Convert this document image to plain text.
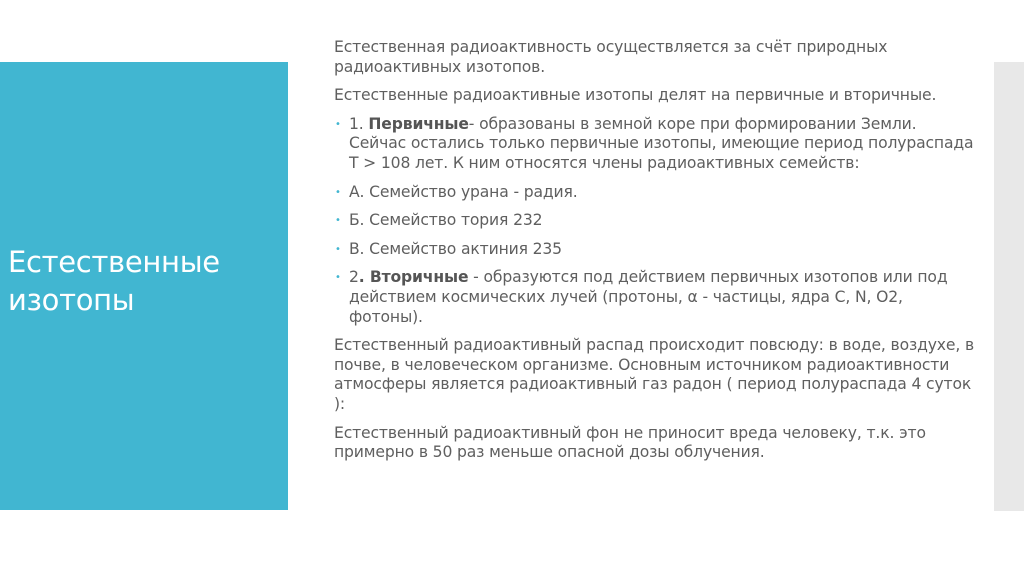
Естественные
изотопы

Естественная радиоактивность осуществляется за счёт природных радиоактивных изотопов.

Естественные радиоактивные изотопы делят на первичные и вторичные.

• 1. Первичные- образованы в земной коре при формировании Земли. Сейчас остались только первичные изотопы, имеющие период полураспада Т > 108 лет. К ним относятся члены радиоактивных семейств:
• А. Семейство урана - радия.
• Б. Семейство тория 232
• В. Семейство актиния 235
• 2. Вторичные - образуются под действием первичных изотопов или под действием космических лучей (протоны, α - частицы, ядра C, N, O2, фотоны).

Естественный радиоактивный распад происходит повсюду: в воде, воздухе, в почве, в человеческом организме. Основным источником радиоактивности атмосферы является радиоактивный газ радон ( период полураспада 4 суток ):

Естественный радиоактивный фон не приносит вреда человеку, т.к. это примерно в 50 раз меньше опасной дозы облучения.
